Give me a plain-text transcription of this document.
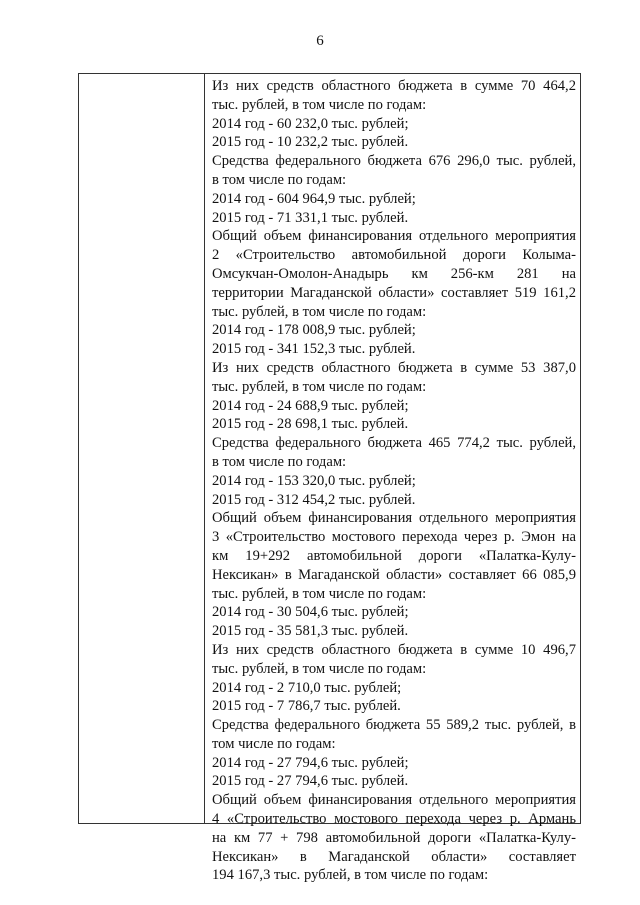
6
Из них средств областного бюджета в сумме 70 464,2
тыс. рублей, в том числе по годам:
2014 год - 60 232,0 тыс. рублей;
2015 год - 10 232,2 тыс. рублей.
Средства федерального бюджета 676 296,0 тыс. рублей,
в том числе по годам:
2014 год - 604 964,9 тыс. рублей;
2015 год - 71 331,1 тыс. рублей.
Общий объем финансирования отдельного мероприятия
2 «Строительство автомобильной дороги Колыма-
Омсукчан-Омолон-Анадырь км 256-км 281 на
территории Магаданской области» составляет 519 161,2
тыс. рублей, в том числе по годам:
2014 год - 178 008,9 тыс. рублей;
2015 год - 341 152,3 тыс. рублей.
Из них средств областного бюджета в сумме 53 387,0
тыс. рублей, в том числе по годам:
2014 год - 24 688,9 тыс. рублей;
2015 год - 28 698,1 тыс. рублей.
Средства федерального бюджета 465 774,2 тыс. рублей,
в том числе по годам:
2014 год - 153 320,0 тыс. рублей;
2015 год - 312 454,2 тыс. рублей.
Общий объем финансирования отдельного мероприятия
3 «Строительство мостового перехода через р. Эмон на
км 19+292 автомобильной дороги «Палатка-Кулу-
Нексикан» в Магаданской области» составляет 66 085,9
тыс. рублей, в том числе по годам:
2014 год - 30 504,6 тыс. рублей;
2015 год - 35 581,3 тыс. рублей.
Из них средств областного бюджета в сумме 10 496,7
тыс. рублей, в том числе по годам:
2014 год - 2 710,0 тыс. рублей;
2015 год - 7 786,7 тыс. рублей.
Средства федерального бюджета 55 589,2 тыс. рублей, в
том числе по годам:
2014 год - 27 794,6 тыс. рублей;
2015 год - 27 794,6 тыс. рублей.
Общий объем финансирования отдельного мероприятия
4 «Строительство мостового перехода через р. Армань
на км 77 + 798 автомобильной дороги «Палатка-Кулу-
Нексикан» в Магаданской области» составляет
194 167,3 тыс. рублей, в том числе по годам:
